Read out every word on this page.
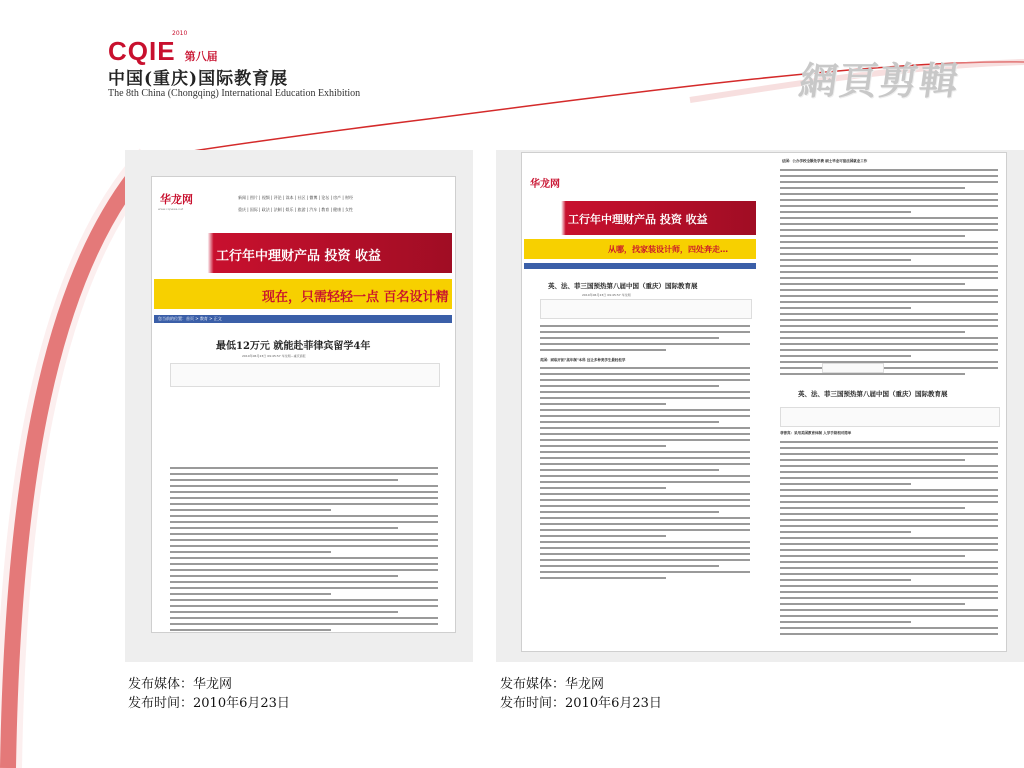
CQIE 第八届
2010
中国(重庆)国际教育展
The 8th China (Chongqing) International Education Exhibition	網頁剪輯
华龙网
www.cqnews.net
新闻 | 图片 | 视频 | 评论 | 读本 | 社区 | 微博 | 论坛 | 房产 | 财经
重庆 | 国际 | 政法 | 法制 | 娱乐 | 旅游 | 汽车 | 教育 | 健康 | 女性
工行年中理财产品 投资 收益
现在，只需轻轻一点 百名设计精
您当前的位置：首页 > 教育 > 正文
最低12万元 就能赴菲律宾留学4年
2010年06月23日 09:45:57 华龙网—重庆商报
华龙网
工行年中理财产品 投资 收益
从哪，找家装设计师，四处奔走…
英、法、菲三国预热第八届中国（重庆）国际教育展
2010年06月23日 09:45:57 华龙网
英国：面临开拓"高年制"本科 这让多种类学生最轻松学
法国：公办学校全额免学费 硕士毕业可留法国就业工作
英、法、菲三国预热第八届中国（重庆）国际教育展
菲律宾：采用美国教育体制 入学手续相对简单
发布媒体：华龙网
发布时间：2010年6月23日
发布媒体：华龙网
发布时间：2010年6月23日
